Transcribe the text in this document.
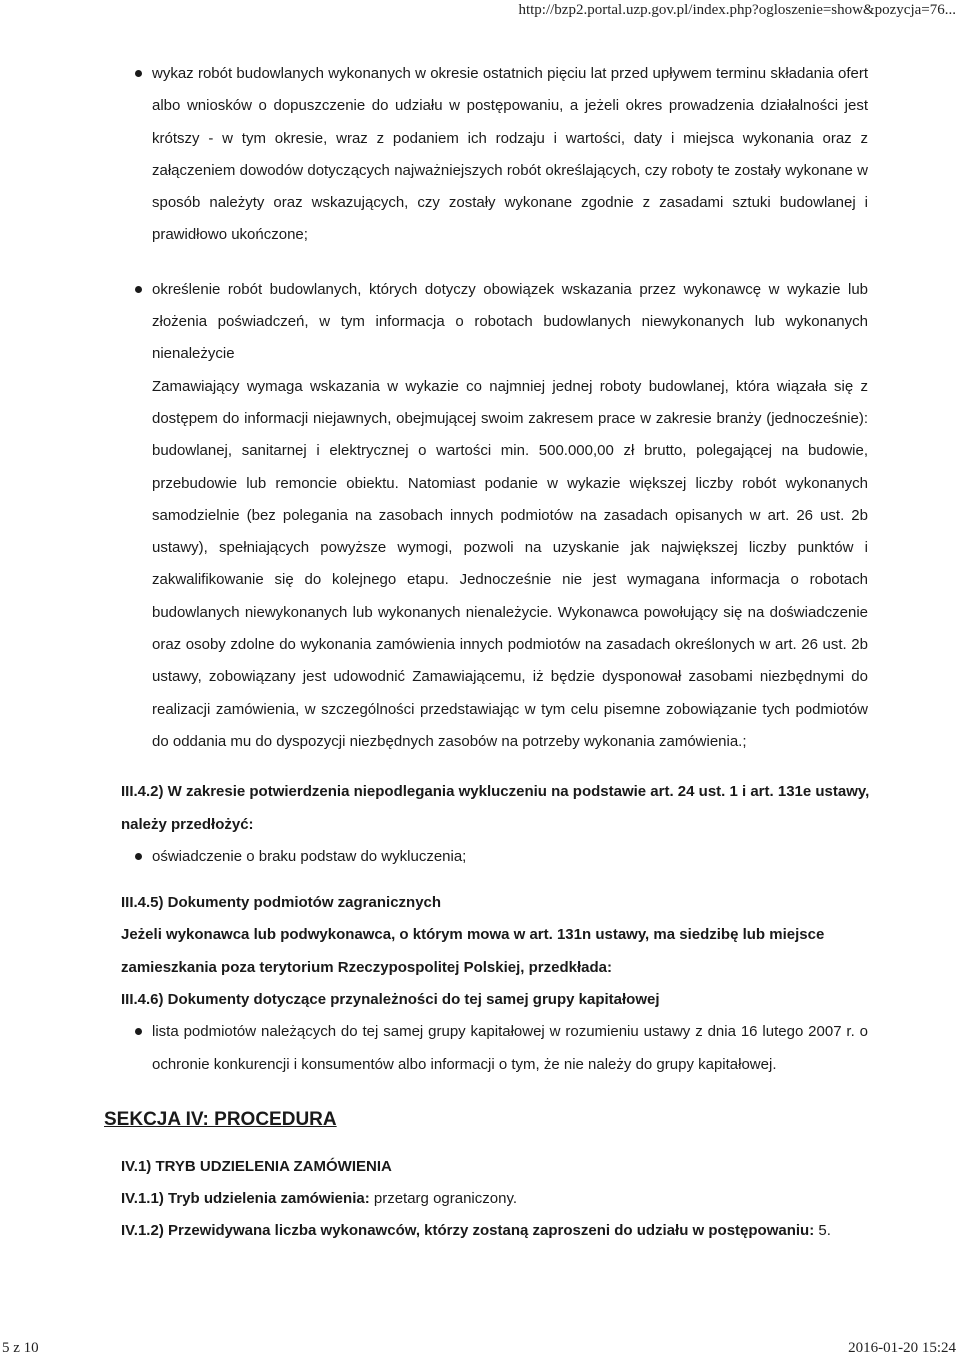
http://bzp2.portal.uzp.gov.pl/index.php?ogloszenie=show&pozycja=76...

wykaz robót budowlanych wykonanych w okresie ostatnich pięciu lat przed upływem terminu składania ofert albo wniosków o dopuszczenie do udziału w postępowaniu, a jeżeli okres prowadzenia działalności jest krótszy - w tym okresie, wraz z podaniem ich rodzaju i wartości, daty i miejsca wykonania oraz z załączeniem dowodów dotyczących najważniejszych robót określających, czy roboty te zostały wykonane w sposób należyty oraz wskazujących, czy zostały wykonane zgodnie z zasadami sztuki budowlanej i prawidłowo ukończone;

określenie robót budowlanych, których dotyczy obowiązek wskazania przez wykonawcę w wykazie lub złożenia poświadczeń, w tym informacja o robotach budowlanych niewykonanych lub wykonanych nienależycie

Zamawiający wymaga wskazania w wykazie co najmniej jednej roboty budowlanej, która wiązała się z dostępem do informacji niejawnych, obejmującej swoim zakresem prace w zakresie branży (jednocześnie): budowlanej, sanitarnej i elektrycznej o wartości min. 500.000,00 zł brutto, polegającej na budowie, przebudowie lub remoncie obiektu. Natomiast podanie w wykazie większej liczby robót wykonanych samodzielnie (bez polegania na zasobach innych podmiotów na zasadach opisanych w art. 26 ust. 2b ustawy), spełniających powyższe wymogi, pozwoli na uzyskanie jak największej liczby punktów i zakwalifikowanie się do kolejnego etapu. Jednocześnie nie jest wymagana informacja o robotach budowlanych niewykonanych lub wykonanych nienależycie. Wykonawca powołujący się na doświadczenie oraz osoby zdolne do wykonania zamówienia innych podmiotów na zasadach określonych w art. 26 ust. 2b ustawy, zobowiązany jest udowodnić Zamawiającemu, iż będzie dysponował zasobami niezbędnymi do realizacji zamówienia, w szczególności przedstawiając w tym celu pisemne zobowiązanie tych podmiotów do oddania mu do dyspozycji niezbędnych zasobów na potrzeby wykonania zamówienia.;

III.4.2) W zakresie potwierdzenia niepodlegania wykluczeniu na podstawie art. 24 ust. 1 i art. 131e ustawy, należy przedłożyć:

oświadczenie o braku podstaw do wykluczenia;

III.4.5) Dokumenty podmiotów zagranicznych

Jeżeli wykonawca lub podwykonawca, o którym mowa w art. 131n ustawy, ma siedzibę lub miejsce zamieszkania poza terytorium Rzeczypospolitej Polskiej, przedkłada:

III.4.6) Dokumenty dotyczące przynależności do tej samej grupy kapitałowej

lista podmiotów należących do tej samej grupy kapitałowej w rozumieniu ustawy z dnia 16 lutego 2007 r. o ochronie konkurencji i konsumentów albo informacji o tym, że nie należy do grupy kapitałowej.

SEKCJA IV: PROCEDURA

IV.1) TRYB UDZIELENIA ZAMÓWIENIA

IV.1.1) Tryb udzielenia zamówienia: przetarg ograniczony.

IV.1.2) Przewidywana liczba wykonawców, którzy zostaną zaproszeni do udziału w postępowaniu: 5.

5 z 10	2016-01-20 15:24
